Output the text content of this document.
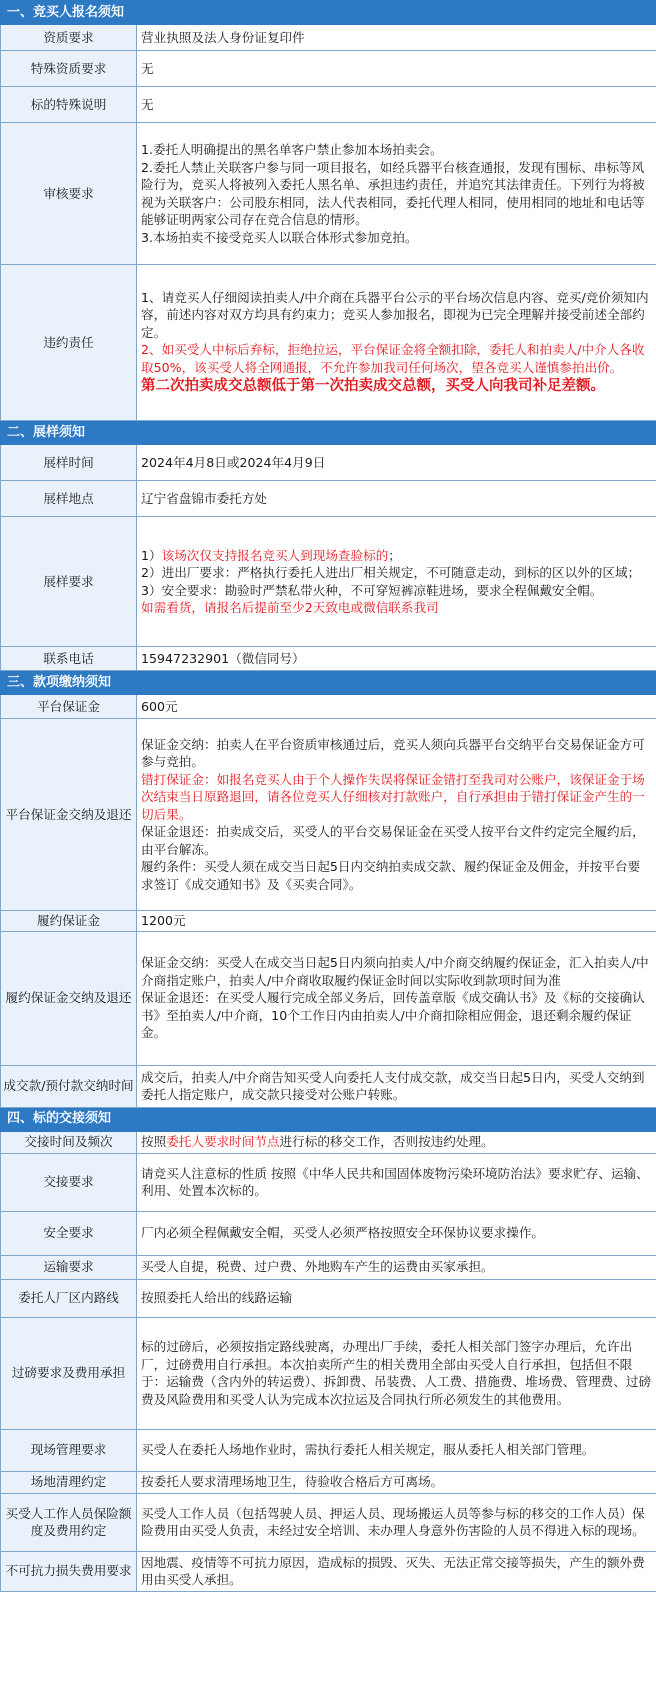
一、竞买人报名须知	
资质要求	营业执照及法人身份证复印件

特殊资质要求	无

标的特殊说明	无

审核要求	1.委托人明确提出的黑名单客户禁止参加本场拍卖会。
2.委托人禁止关联客户参与同一项目报名，如经兵器平台核查通报，发现有围标、串标等风险行为，竞买人将被列入委托人黑名单、承担违约责任，并追究其法律责任。下列行为将被视为关联客户：公司股东相同，法人代表相同，委托代理人相同，使用相同的地址和电话等能够证明两家公司存在竞合信息的情形。
3.本场拍卖不接受竞买人以联合体形式参加竞拍。

违约责任	1、请竞买人仔细阅读拍卖人/中介商在兵器平台公示的平台场次信息内容、竞买/竞价须知内容，前述内容对双方均具有约束力；竞买人参加报名，即视为已完全理解并接受前述全部约定。
2、如买受人中标后弃标，拒绝拉运，平台保证金将全额扣除，委托人和拍卖人/中介人各收取50%，该买受人将全网通报，不允许参加我司任何场次，望各竞买人谨慎参拍出价。
第二次拍卖成交总额低于第一次拍卖成交总额，买受人向我司补足差额。

二、展样须知	
展样时间	2024年4月8日或2024年4月9日

展样地点	辽宁省盘锦市委托方处

展样要求	1）该场次仅支持报名竞买人到现场查验标的；
2）进出厂要求：严格执行委托人进出厂相关规定，不可随意走动，到标的区以外的区域；
3）安全要求：勘验时严禁私带火种，不可穿短裤凉鞋进场，要求全程佩戴安全帽。
如需看货，请报名后提前至少2天致电或微信联系我司

联系电话	15947232901（微信同号）

三、款项缴纳须知	
平台保证金	600元

平台保证金交纳及退还	保证金交纳：拍卖人在平台资质审核通过后，竞买人须向兵器平台交纳平台交易保证金方可参与竞拍。
错打保证金：如报名竞买人由于个人操作失误将保证金错打至我司对公账户，该保证金于场次结束当日原路退回，请各位竞买人仔细核对打款账户，自行承担由于错打保证金产生的一切后果。
保证金退还：拍卖成交后，买受人的平台交易保证金在买受人按平台文件约定完全履约后，由平台解冻。
履约条件：买受人须在成交当日起5日内交纳拍卖成交款、履约保证金及佣金，并按平台要求签订《成交通知书》及《买卖合同》。

履约保证金	1200元

履约保证金交纳及退还	保证金交纳：买受人在成交当日起5日内须向拍卖人/中介商交纳履约保证金，汇入拍卖人/中介商指定账户，拍卖人/中介商收取履约保证金时间以实际收到款项时间为准
保证金退还：在买受人履行完成全部义务后，回传盖章版《成交确认书》及《标的交接确认书》至拍卖人/中介商，10个工作日内由拍卖人/中介商扣除相应佣金，退还剩余履约保证金。

成交款/预付款交纳时间	成交后，拍卖人/中介商告知买受人向委托人支付成交款，成交当日起5日内，买受人交纳到委托人指定账户，成交款只接受对公账户转账。

四、标的交接须知	
交接时间及频次	按照委托人要求时间节点进行标的移交工作，否则按违约处理。

交接要求	请竞买人注意标的性质 按照《中华人民共和国固体废物污染环境防治法》要求贮存、运输、利用、处置本次标的。

安全要求	厂内必须全程佩戴安全帽，买受人必须严格按照安全环保协议要求操作。

运输要求	买受人自提，税费、过户费、外地购车产生的运费由买家承担。

委托人厂区内路线	按照委托人给出的线路运输

过磅要求及费用承担	标的过磅后，必须按指定路线驶离，办理出厂手续，委托人相关部门签字办理后，允许出厂，过磅费用自行承担。本次拍卖所产生的相关费用全部由买受人自行承担，包括但不限于：运输费（含内外的转运费）、拆卸费、吊装费、人工费、措施费、堆场费、管理费、过磅费及风险费用和买受人认为完成本次拉运及合同执行所必须发生的其他费用。

现场管理要求	买受人在委托人场地作业时，需执行委托人相关规定，服从委托人相关部门管理。

场地清理约定	按委托人要求清理场地卫生，待验收合格后方可离场。

买受人工作人员保险额度及费用约定	买受人工作人员（包括驾驶人员、押运人员、现场搬运人员等参与标的移交的工作人员）保险费用由买受人负责，未经过安全培训、未办理人身意外伤害险的人员不得进入标的现场。

不可抗力损失费用要求	因地震、疫情等不可抗力原因，造成标的损毁、灭失、无法正常交接等损失，产生的额外费用由买受人承担。
